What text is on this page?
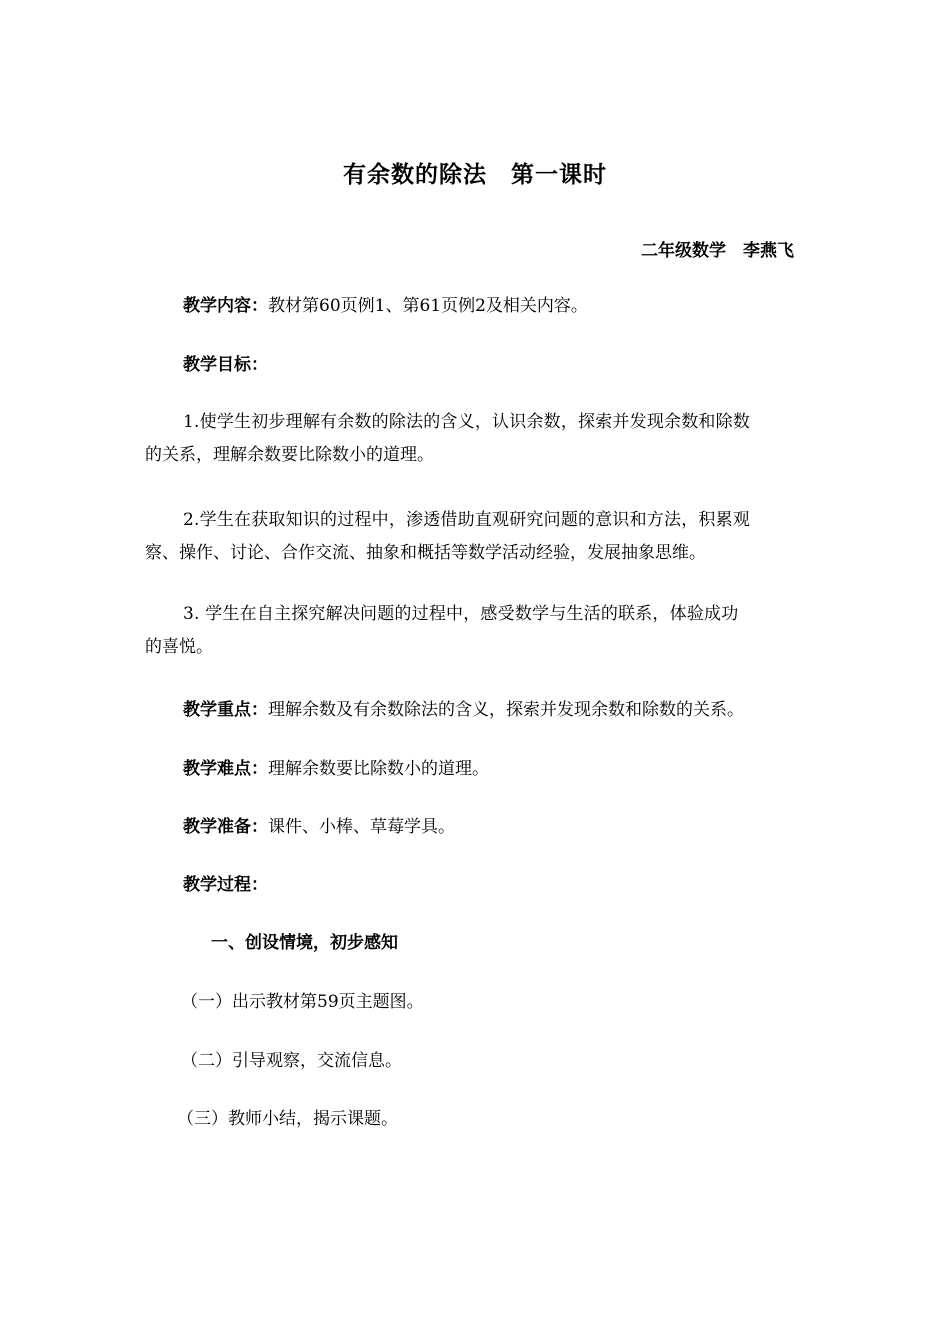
有余数的除法　第一课时
二年级数学　李燕飞
教学内容：教材第60页例1、第61页例2及相关内容。
教学目标：
1.使学生初步理解有余数的除法的含义，认识余数，探索并发现余数和除数
的关系，理解余数要比除数小的道理。
2.学生在获取知识的过程中，渗透借助直观研究问题的意识和方法，积累观
察、操作、讨论、合作交流、抽象和概括等数学活动经验，发展抽象思维。
3. 学生在自主探究解决问题的过程中，感受数学与生活的联系，体验成功
的喜悦。
教学重点：理解余数及有余数除法的含义，探索并发现余数和除数的关系。
教学难点：理解余数要比除数小的道理。
教学准备：课件、小棒、草莓学具。
教学过程：
一、创设情境，初步感知
（一）出示教材第59页主题图。
（二）引导观察，交流信息。
（三）教师小结，揭示课题。
